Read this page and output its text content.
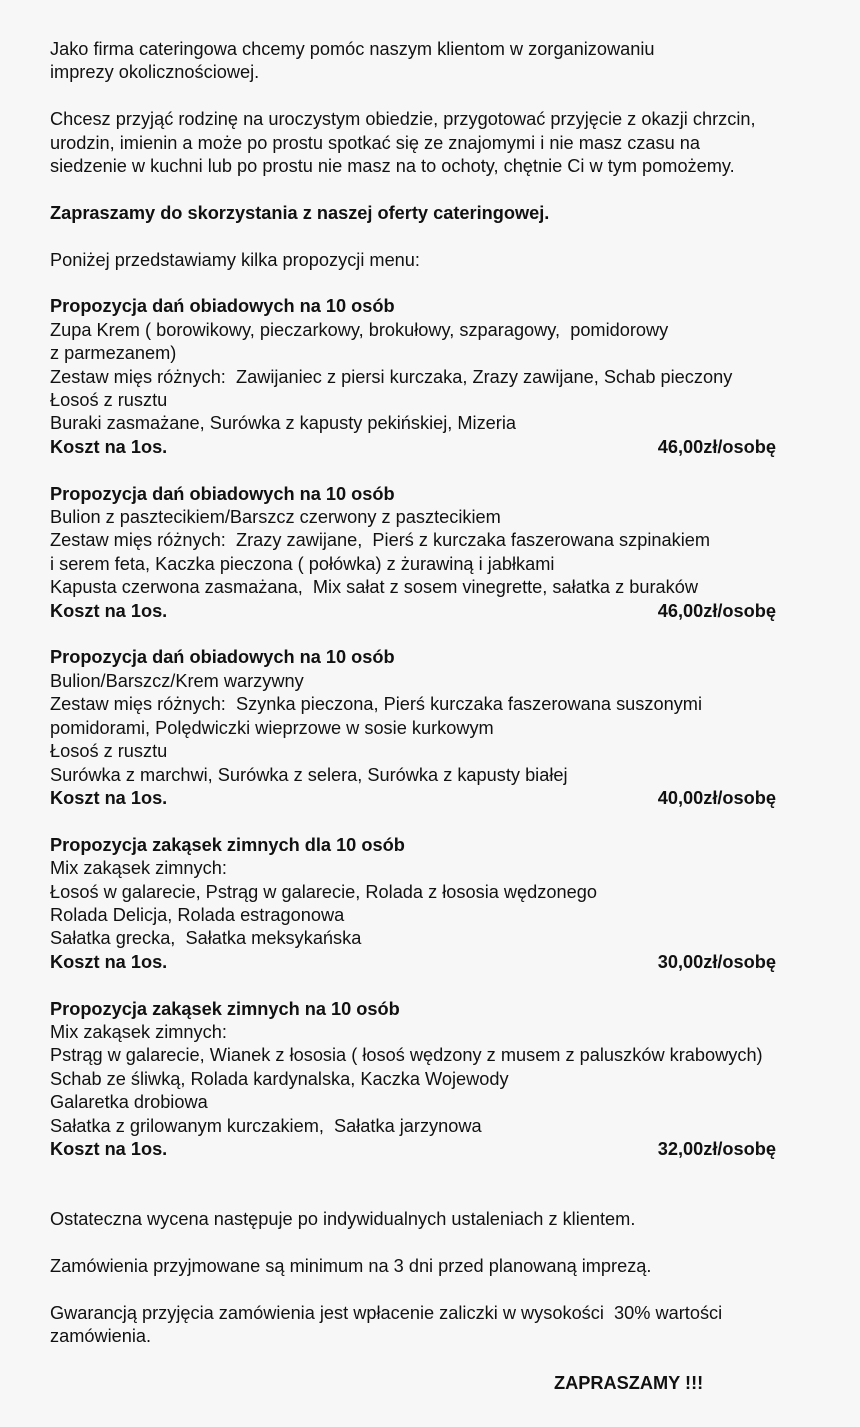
Jako firma cateringowa chcemy pomóc naszym klientom w zorganizowaniu
imprezy okolicznościowej.
Chcesz przyjąć rodzinę na uroczystym obiedzie, przygotować przyjęcie z okazji chrzcin,
urodzin, imienin a może po prostu spotkać się ze znajomymi i nie masz czasu na
siedzenie w kuchni lub po prostu nie masz na to ochoty, chętnie Ci w tym pomożemy.

Zapraszamy do skorzystania z naszej oferty cateringowej.

Poniżej przedstawiamy kilka propozycji menu:

Propozycja dań obiadowych na 10 osób
Zupa Krem ( borowikowy, pieczarkowy, brokułowy, szparagowy,  pomidorowy
z parmezanem)
Zestaw mięs różnych:  Zawijaniec z piersi kurczaka, Zrazy zawijane, Schab pieczony
Łosoś z rusztu
Buraki zasmażane, Surówka z kapusty pekińskiej, Mizeria
Koszt na 1os.	46,00zł/osobę
Propozycja dań obiadowych na 10 osób
Bulion z pasztecikiem/Barszcz czerwony z pasztecikiem
Zestaw mięs różnych:  Zrazy zawijane,  Pierś z kurczaka faszerowana szpinakiem
i serem feta, Kaczka pieczona ( połówka) z żurawiną i jabłkami
Kapusta czerwona zasmażana,  Mix sałat z sosem vinegrette, sałatka z buraków
Koszt na 1os.	46,00zł/osobę
Propozycja dań obiadowych na 10 osób
Bulion/Barszcz/Krem warzywny
Zestaw mięs różnych:  Szynka pieczona, Pierś kurczaka faszerowana suszonymi
pomidorami, Polędwiczki wieprzowe w sosie kurkowym
Łosoś z rusztu
Surówka z marchwi, Surówka z selera, Surówka z kapusty białej
Koszt na 1os.	40,00zł/osobę
Propozycja zakąsek zimnych dla 10 osób
Mix zakąsek zimnych:
Łosoś w galarecie, Pstrąg w galarecie, Rolada z łososia wędzonego
Rolada Delicja, Rolada estragonowa
Sałatka grecka,  Sałatka meksykańska
Koszt na 1os.	30,00zł/osobę
Propozycja zakąsek zimnych na 10 osób
Mix zakąsek zimnych:
Pstrąg w galarecie, Wianek z łososia ( łosoś wędzony z musem z paluszków krabowych)
Schab ze śliwką, Rolada kardynalska, Kaczka Wojewody
Galaretka drobiowa
Sałatka z grilowanym kurczakiem,  Sałatka jarzynowa
Koszt na 1os.	32,00zł/osobę
Ostateczna wycena następuje po indywidualnych ustaleniach z klientem.
Zamówienia przyjmowane są minimum na 3 dni przed planowaną imprezą.
Gwarancją przyjęcia zamówienia jest wpłacenie zaliczki w wysokości  30% wartości
zamówienia.
ZAPRASZAMY !!!
